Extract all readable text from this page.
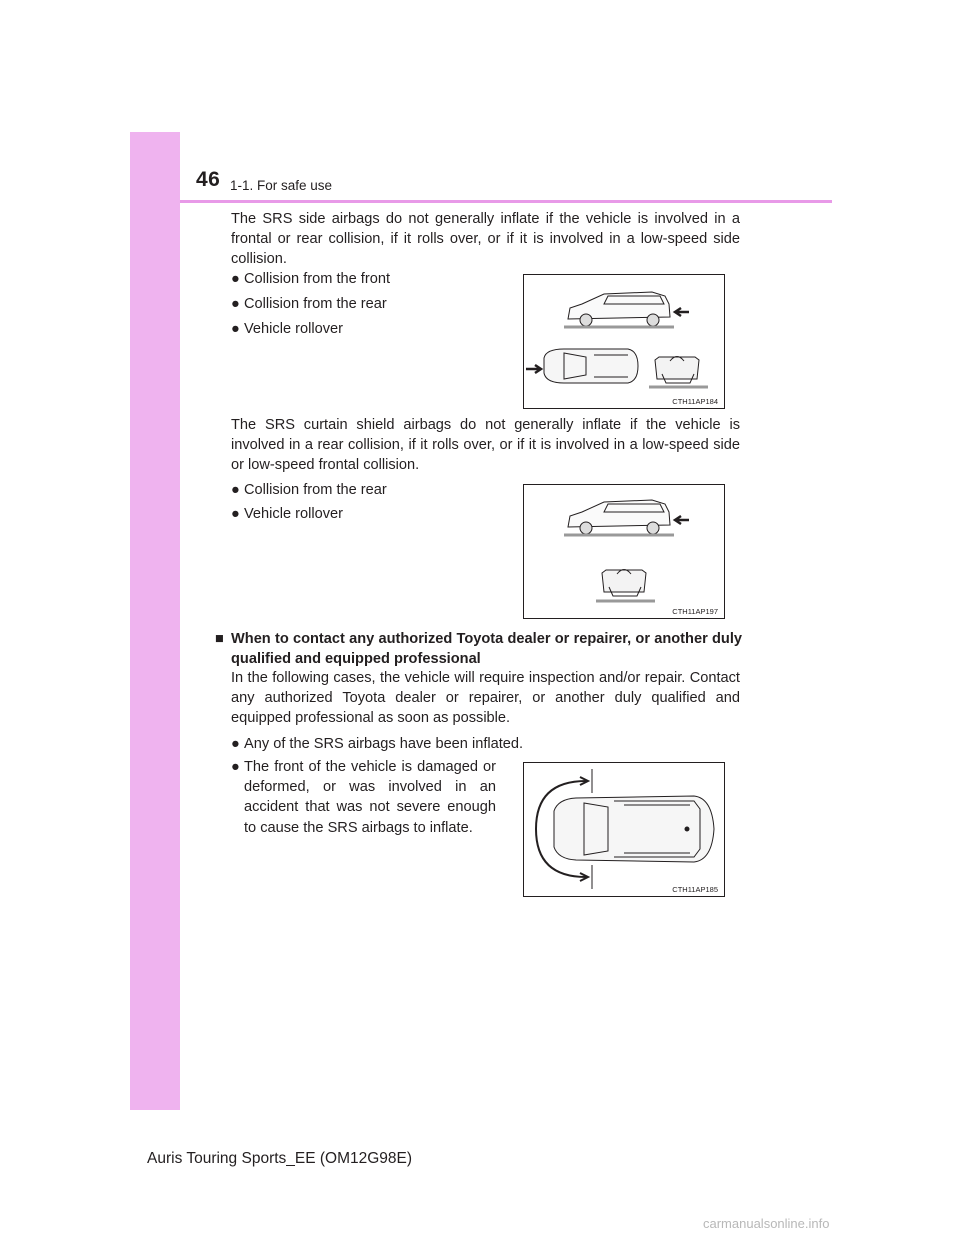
46 1-1. For safe use

The SRS side airbags do not generally inflate if the vehicle is involved in a frontal or rear collision, if it rolls over, or if it is involved in a low-speed side collision.

● Collision from the front

● Collision from the rear

● Vehicle rollover

CTH11AP184

The SRS curtain shield airbags do not generally inflate if the vehicle is involved in a rear collision, if it rolls over, or if it is involved in a low-speed side or low-speed frontal collision.

● Collision from the rear

● Vehicle rollover

CTH11AP197
■ When to contact any authorized Toyota dealer or repairer, or another duly qualified and equipped professional

In the following cases, the vehicle will require inspection and/or repair. Contact any authorized Toyota dealer or repairer, or another duly qualified and equipped professional as soon as possible.

● Any of the SRS airbags have been inflated.

● The front of the vehicle is damaged or deformed, or was involved in an accident that was not severe enough to cause the SRS airbags to inflate.
CTH11AP185
Auris Touring Sports_EE (OM12G98E)
carmanualsonline.info
